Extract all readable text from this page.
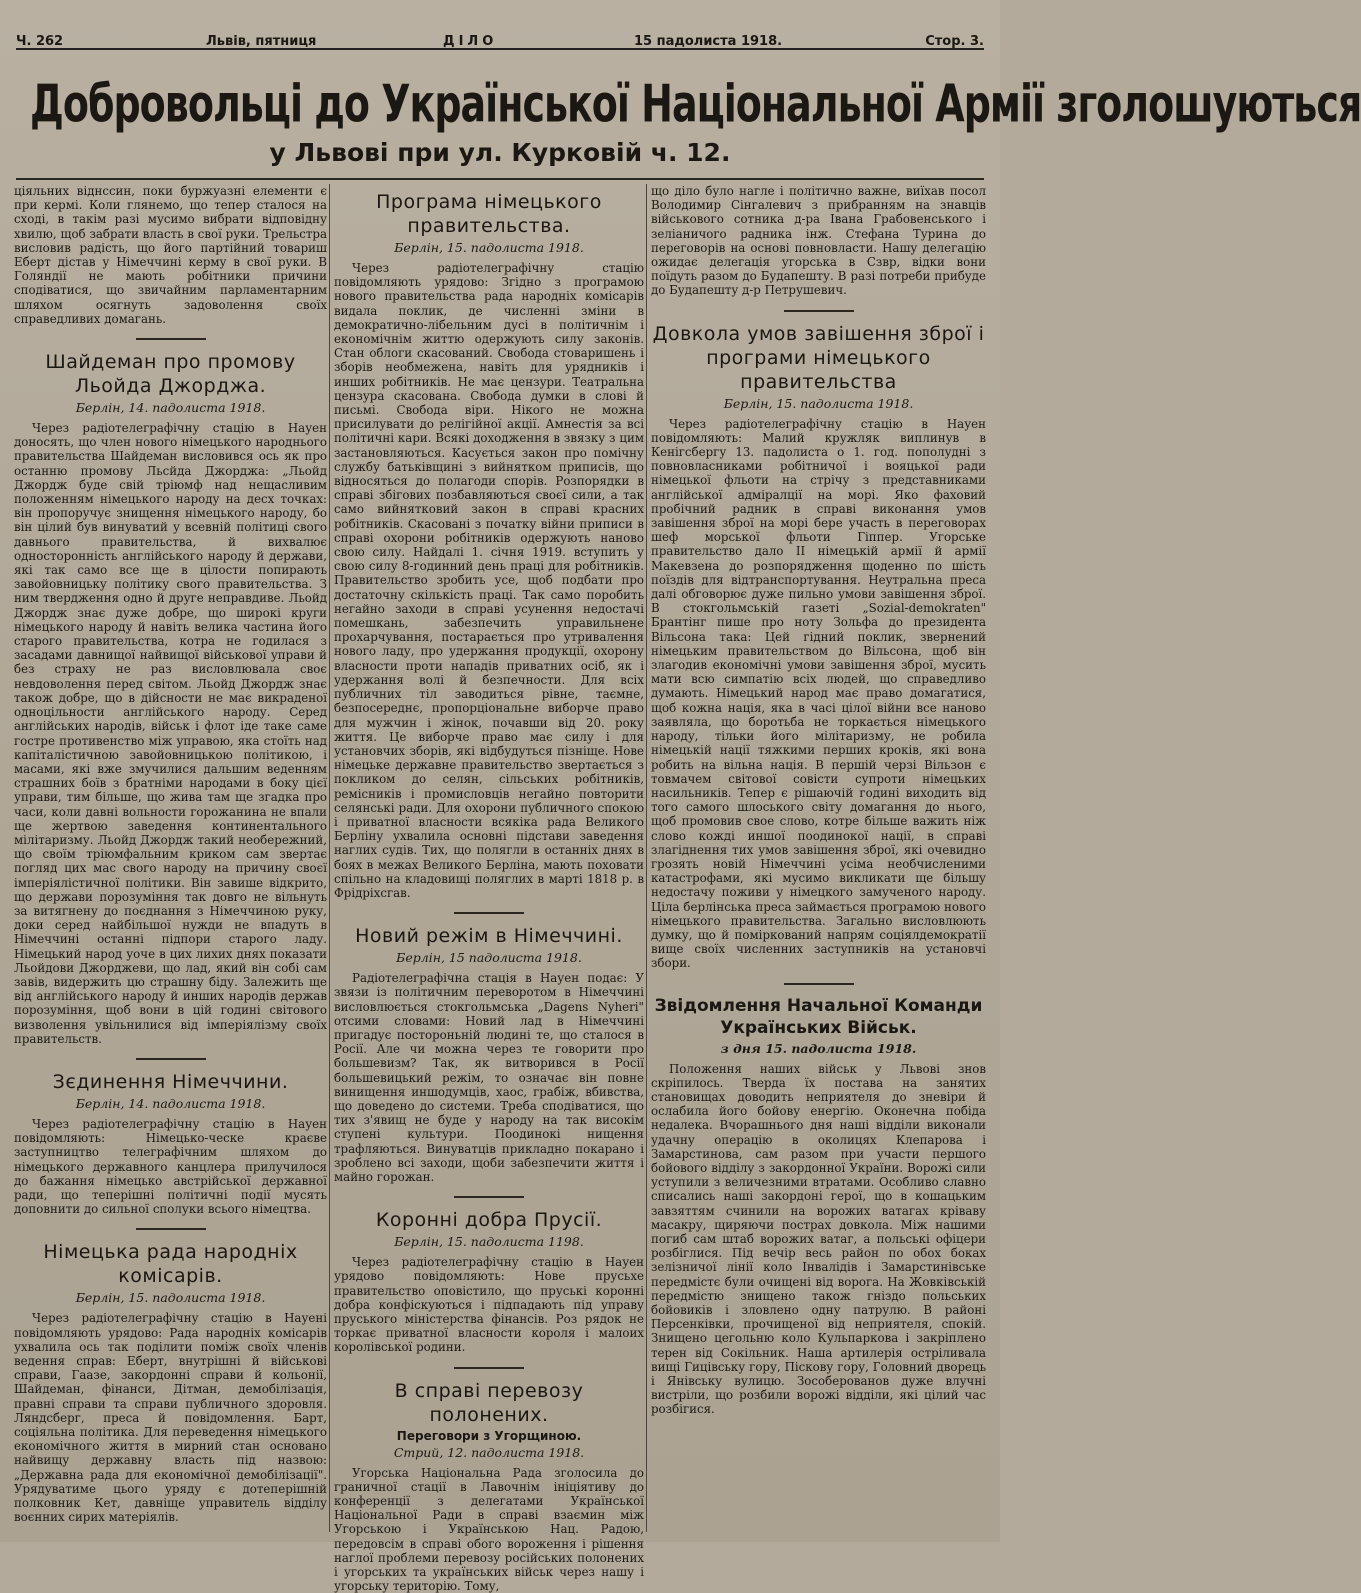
Ч. 262	Львів, пятниця	ДІЛО	15 падолиста 1918.	Стор. 3.
Добровольці до Української Національної Армії зголошуються
у Львові при ул. Курковій ч. 12.

ціяльних віднссин, поки буржуазні елементи є при кермі. Коли глянемо, що тепер сталося на сході, в такім разі мусимо вибрати відповідну хвилю, щоб забрати власть в свої руки. Трельстра висловив радість, що його партійний товариш Еберт дістав у Німеччині керму в свої руки. В Голяндії не мають робітники причини сподіватися, що звичайним парламентарним шляхом осягнуть задоволення своїх справедливих домагань.

Шайдеман про промову Льойда Джорджа.
Берлін, 14. падолиста 1918.

Через радіотелеграфічну стацію в Науен доносять, що член нового німецького народнього правительства Шайдеман висловився ось як про останню промову Льсйда Джорджа: „Льойд Джордж буде свій тріюмф над нещасливим положенням німецького народу на десх точках: він пропоручує знищення німецького народу, бо він цілий був винуватий у всевній політиці свого давнього правительства, й вихвалює односторонність англійського народу й держави, які так само все ще в цілости попирають завойовницьку політику свого правительства. З ним твердження одно й друге неправдиве. Льойд Джордж знає дуже добре, що широкі круги німецького народу й навіть велика частина його старого правительства, котра не годилася з засадами давнищої найвищої військової управи й без страху не раз висловлювала своє невдоволення перед світом. Льойд Джордж знає також добре, що в дійсности не має викраденої одноцільности англійського народу. Серед англійських народів, військ і флот іде таке саме гостре противенство між управою, яка стоїть над капіталістичною завойовницькою політикою, і масами, які вже змучилися дальшим веденням страшних боїв з братніми народами в боку цієї управи, тим більше, що жива там ще згадка про часи, коли давні вольности горожанина не впали ще жертвою заведення континентального мілітаризму. Льойд Джордж такий необережний, що своїм тріюмфальним криком сам звертає погляд цих мас свого народу на причину своєї імперіялістичної політики. Він завише відкрито, що держави порозуміння так довго не вільнуть за витягнену до поєднання з Німеччиною руку, доки серед найбільшої нужди не впадуть в Німеччині останні підпори старого ладу. Німецький народ уоче в цих лихих днях показати Льойдови Джорджеви, що лад, який він собі сам завів, видержить цю страшну біду. Залежить ще від англійського народу й инших народів держав порозуміння, щоб вони в цій годині світового визволення увільнилися від імперіялізму своїх правительств.

Зєдинення Німеччини.
Берлін, 14. падолиста 1918.

Через радіотелеграфічну стацію в Науен повідомляють: Німецько-ческе краєве заступництво телеграфічним шляхом до німецького державного канцлера прилучилося до бажання німецько австрійської державної ради, що теперішні політичні події мусять доповнити до сильної сполуки всього німецтва.

Німецька рада народніх комісарів.
Берлін, 15. падолиста 1918.

Через радіотелеграфічну стацію в Науені повідомляють урядово: Рада народніх комісарів ухвалила ось так поділити поміж своїх членів ведення справ: Еберт, внутрішні й військові справи, Гаазе, закордонні справи й кольонії, Шайдеман, фінанси, Дітман, демобілізація, правні справи та справи публичного здоровля. Ляндсберг, преса й повідомлення. Барт, соціяльна політика. Для переведення німецького економічного життя в мирний стан основано найвищу державну власть під назвою: „Державна рада для економічної демобілізації". Урядуватиме цього уряду є дотеперішній полковник Кет, давніще управитель відділу воєнних сирих матеріялів.

Програма німецького правительства.
Берлін, 15. падолиста 1918.

Через радіотелеграфічну стацію повідомляють урядово: Згідно з програмою нового правительства рада народніх комісарів видала поклик, де численні зміни в демократично-лібельним дусі в політичнім і економічнім життю одержують силу законів. Стан облоги скасований. Свобода стоваришень і зборів необмежена, навіть для урядників і инших робітників. Не має цензури. Театральна цензура скасована. Свобода думки в слові й письмі. Свобода віри. Нікого не можна присилувати до релігійної акції. Амнестія за всі політичні кари. Всякі доходження в звязку з цим застановляються. Касується закон про помічну службу батьківщині з вийнятком приписів, що відносяться до полагоди спорів. Розпорядки в справі збігових позбавляються своєї сили, а так само вийнятковий закон в справі красних робітників. Скасовані з початку війни приписи в справі охорони робітників одержують наново свою силу. Найдалі 1. січня 1919. вступить у свою силу 8-годинний день праці для робітників. Правительство зробить усе, щоб подбати про достаточну скількість праці. Так само поробить негайно заходи в справі усунення недостачі помешкань, забезпечить управильнене прохарчування, постарається про утривалення нового ладу, про удержання продукції, охорону власности проти нападів приватних осіб, як і удержання волі й безпечности. Для всіх публичних тіл заводиться рівне, таємне, безпосереднє, пропорціональне виборче право для мужчин і жінок, почавши від 20. року життя. Це виборче право має силу і для установчих зборів, які відбудуться пізніще. Нове німецьке державне правительство звертається з покликом до селян, сільських робітників, ремісників і промисловців негайно повторити селянські ради. Для охорони публичного спокою і приватної власности всякіка рада Великого Берліну ухвалила основні підстави заведення наглих судів. Тих, що полягли в останніх днях в боях в межах Великого Берліна, мають поховати спільно на кладовищі поляглих в марті 1818 р. в Фрідріхсгав.

Новий режім в Німеччині.
Берлін, 15 падолиста 1918.

Радіотелеграфічна стація в Науен подає: У звязи із політичним переворотом в Німеччині висловлюється стокгольмська „Dagens Nyheri" отсими словами: Новий лад в Німеччині пригадує постороньній людині те, що сталося в Росії. Але чи можна через те говорити про большевизм? Так, як витворився в Росії большевицький режім, то означає він повне винищення иншодумців, хаос, грабіж, вбивства, що доведено до системи. Треба сподіватися, що тих з'явищ не буде у народу на так високім ступені культури. Поодинокі нищення трафляються. Винуватців прикладно покарано і зроблено всі заходи, щоби забезпечити життя і майно горожан.

Коронні добра Прусії.
Берлін, 15. падолиста 1198.

Через радіотелеграфічну стацію в Науен урядово повідомляють: Нове прусьхе правительство оповістило, що пруські коронні добра конфіскуються і підпадають під управу пруського міністерства фінансів. Роз рядок не торкає приватної власности короля і малоих королівської родини.

В справі перевозу полонених.
Переговори з Угорщиною.
Стрий, 12. падолиста 1918.

Угорська Національна Рада зголосила до граничної стації в Лавочнім ініціятиву до конференції з делегатами Української Національної Ради в справі взаємин між Угорською і Українською Нац. Радою, передовсім в справі обого вороження і рішення наглої проблеми перевозу російських полонених і угорських та українських військ через нашу і угорську територію. Тому,

що діло було нагле і політично важне, виїхав посол Володимир Сінгалевич з прибранням на знавців військового сотника д-ра Івана Грабовенського і зеліаничого радника інж. Стефана Турина до переговорів на основі повновласти. Нашу делегацію ожидає делегація угорська в Сзвр, відки вони поїдуть разом до Будапешту. В разі потреби прибуде до Будапешту д-р Петрушевич.

Довкола умов завішення зброї і програми німецького правительства
Берлін, 15. падолиста 1918.

Через радіотелеграфічну стацію в Науен повідомляють: Малий кружляк виплинув в Кенігсбергу 13. падолиста о 1. год. пополудні з повновласниками робітничої і вояцької ради німецької фльоти на стрічу з представниками англійської адміралції на морі. Яко фаховий пробічний радник в справі виконання умов завішення зброї на морі бере участь в переговорах шеф морської фльоти Гіппер. Угорське правительство дало II німецькій армії й армії Макевзена до розпорядження щоденно по шість поїздів для відтранспортування. Неутральна преса далі обговорює дуже пильно умови завішення зброї. В стокгольмській газеті „Sozial-demokraten" Брантінг пише про ноту Зольфа до президента Вільсона така: Цей гідний поклик, звернений німецьким правительством до Вільсона, щоб він злагодив економічні умови завішення зброї, мусить мати всю симпатію всіх людей, що справедливо думають. Німецький народ має право домагатися, щоб кожна нація, яка в часі цілої війни все наново заявляла, що боротьба не торкається німецького народу, тільки його мілітаризму, не робила німецькій нації тяжкими перших кроків, які вона робить на вільна нація. В першій черзі Вільзон є товмачем світової совісти супроти німецьких насильників. Тепер є рішаючій годині виходить від того самого шлоського світу домагання до нього, щоб промовив свое слово, котре більше важить ніж слово кожді иншої поодинокої нації, в справі злагіднення тих умов завішення зброї, які очевидно грозять новій Німеччині усіма необчисленими катастрофами, які мусимо викликати ще більшу недостачу поживи у німецкого замученого народу. Ціла берлінська преса займається програмою нового німецького правительства. Загально висловлюють думку, що й поміркований напрям соціялдемократії вище своїх численних заступників на установчі збори.

Звідомлення Начальної Команди Українських Військ.
з дня 15. падолиста 1918.

Положення наших військ у Львові знов скріпилось. Тверда їх постава на занятих становищах доводить неприятеля до зневіри й ослабила його бойову енергію. Оконечна побіда недалека. Вчорашнього дня наші відділи виконали удачну операцію в околицях Клепарова і Замарстинова, сам разом при участи першого бойового відділу з закордонної України. Ворожі сили уступили з величезними втратами. Особливо славно списались наші закордоні герої, що в кошацьким завзяттям счинили на ворожих ватагах кріваву масакру, щиряючи пострах довкола. Між нашими погиб сам штаб ворожих ватаг, а польські офіцери розбіглися. Під вечір весь район по обох боках зелізничої лінії коло Інвалідів і Замарстинівське передмістє були очищені від ворога. На Жовківській передмістю знищено також гніздо польських бойовиків і зловлено одну патрулю. В районі Персенківки, прочищеної від неприятеля, спокій. Знищено цегольню коло Кульпаркова і закріплено терен від Сокільник. Наша артилерія остріливала вищі Гицівську гору, Піскову гору, Головний дворець і Янівську вулицю. Зособерованов дуже влучні вистріли, що розбили ворожі відділи, які цілий час розбігися.
